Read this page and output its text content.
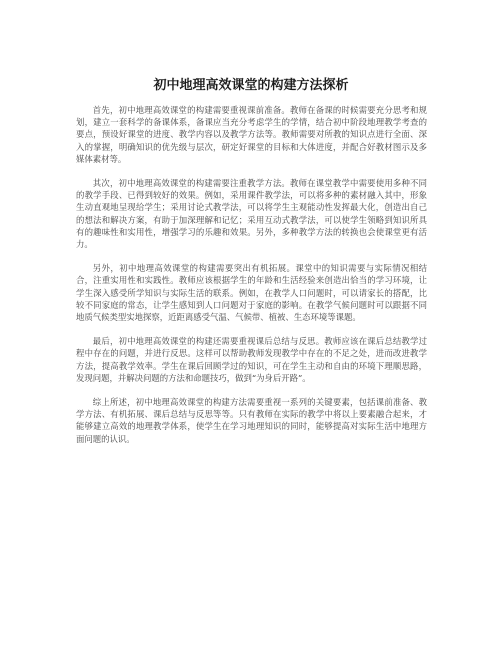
初中地理高效课堂的构建方法探析

首先，初中地理高效课堂的构建需要重视课前准备。教师在备课的时候需要充分思考和规划，建立一套科学的备课体系，备课应当充分考虑学生的学情，结合初中阶段地理教学考查的要点，预设好课堂的进度、教学内容以及教学方法等。教师需要对所教的知识点进行全面、深入的掌握，明确知识的优先级与层次，研定好课堂的目标和大体进度，并配合好教材图示及多媒体素材等。

其次，初中地理高效课堂的构建需要注重教学方法。教师在课堂教学中需要使用多种不同的教学手段、已得到较好的效果。例如，采用课件教学法，可以将多种的素材融入其中，形象生动直观地呈现给学生；采用讨论式教学法，可以将学生主观能动性发挥最大化，创造出自己的想法和解决方案，有助于加深理解和记忆；采用互动式教学法，可以使学生领略到知识所具有的趣味性和实用性，增强学习的乐趣和效果。另外，多种教学方法的转换也会使课堂更有活力。

另外，初中地理高效课堂的构建需要突出有机拓展。课堂中的知识需要与实际情况相结合，注重实用性和实践性。教师应该根据学生的年龄和生活经验来创造出恰当的学习环境，让学生深入感受所学知识与实际生活的联系。例如，在教学人口问题时，可以请家长的搭配，比较不同家庭的常态，让学生感知到人口问题对于家庭的影响。在教学气候问题时可以跟据不同地质气候类型实地探察，近距离感受气温、气候带、植被、生态环境等课题。

最后，初中地理高效课堂的构建还需要重视课后总结与反思。教师应该在课后总结教学过程中存在的问题，并进行反思。这样可以帮助教师发现教学中存在的不足之处，进而改进教学方法，提高教学效率。学生在课后回顾学过的知识，可在学生主动和自由的环境下理顺思路，发现问题，并解决问题的方法和命题技巧，做到“为身后开路”。

综上所述，初中地理高效课堂的构建方法需要重视一系列的关键要素，包括课前准备、教学方法、有机拓展、课后总结与反思等等。只有教师在实际的教学中将以上要素融合起来，才能够建立高效的地理教学体系，使学生在学习地理知识的同时，能够提高对实际生活中地理方面问题的认识。
